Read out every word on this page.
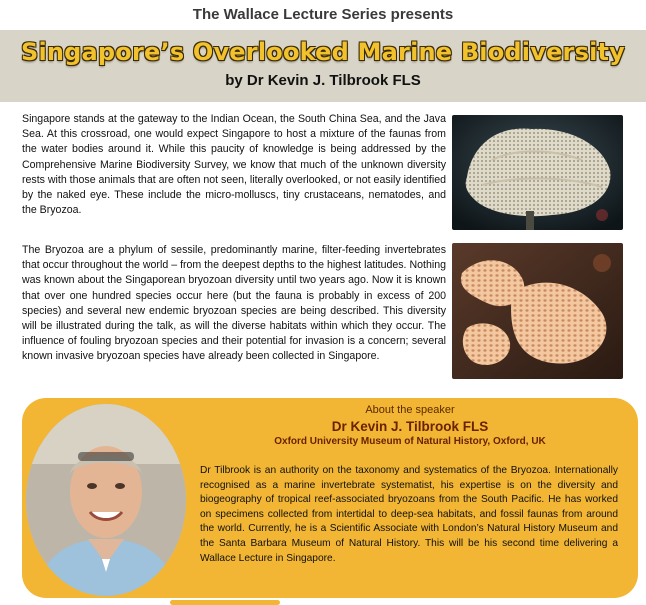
The Wallace Lecture Series presents
Singapore’s Overlooked Marine Biodiversity
by Dr Kevin J. Tilbrook FLS

Singapore stands at the gateway to the Indian Ocean, the South China Sea, and the Java Sea. At this crossroad, one would expect Singapore to host a mixture of the faunas from the water bodies around it. While this paucity of knowledge is being addressed by the Comprehensive Marine Biodiversity Survey, we know that much of the unknown diversity rests with those animals that are often not seen, literally overlooked, or not easily identified by the naked eye. These include the micro-molluscs, tiny crustaceans, nematodes, and the Bryozoa.

The Bryozoa are a phylum of sessile, predominantly marine, filter-feeding invertebrates that occur throughout the world – from the deepest depths to the highest latitudes. Nothing was known about the Singaporean bryozoan diversity until two years ago. Now it is known that over one hundred species occur here (but the fauna is probably in excess of 200 species) and several new endemic bryozoan species are being described. This diversity will be illustrated during the talk, as will the diverse habitats within which they occur. The influence of fouling bryozoan species and their potential for invasion is a concern; several known invasive bryozoan species have already been collected in Singapore.

About the speaker
Dr Kevin J. Tilbrook FLS
Oxford University Museum of Natural History, Oxford, UK

Dr Tilbrook is an authority on the taxonomy and systematics of the Bryozoa. Internationally recognised as a marine invertebrate systematist, his expertise is on the diversity and biogeography of tropical reef-associated bryozoans from the South Pacific. He has worked on specimens collected from intertidal to deep-sea habitats, and fossil faunas from around the world. Currently, he is a Scientific Associate with London’s Natural History Museum and the Santa Barbara Museum of Natural History. This will be his second time delivering a Wallace Lecture in Singapore.
